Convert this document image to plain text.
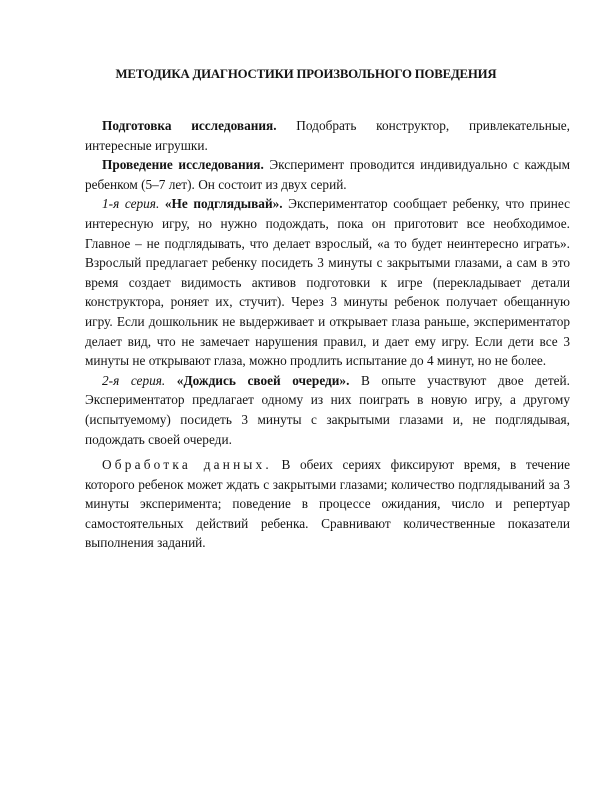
МЕТОДИКА ДИАГНОСТИКИ ПРОИЗВОЛЬНОГО ПОВЕДЕНИЯ

Подготовка исследования. Подобрать конструктор, привлекательные, интересные игрушки.

Проведение исследования. Эксперимент проводится индивидуально с каждым ребенком (5–7 лет). Он состоит из двух серий.

1-я серия. «Не подглядывай». Экспериментатор сообщает ребенку, что принес интересную игру, но нужно подождать, пока он приготовит все необходимое. Главное – не подглядывать, что делает взрослый, «а то будет неинтересно играть». Взрослый предлагает ребенку посидеть 3 минуты с закрытыми глазами, а сам в это время создает видимость активов подготовки к игре (перекладывает детали конструктора, роняет их, стучит). Через 3 минуты ребенок получает обещанную игру. Если дошкольник не выдерживает и открывает глаза раньше, экспериментатор делает вид, что не замечает нарушения правил, и дает ему игру. Если дети все 3 минуты не открывают глаза, можно продлить испытание до 4 минут, но не более.

2-я серия. «Дождись своей очереди». В опыте участвуют двое детей. Экспериментатор предлагает одному из них поиграть в новую игру, а другому (испытуемому) посидеть 3 минуты с закрытыми глазами и, не подглядывая, подождать своей очереди.

Обработка данных. В обеих сериях фиксируют время, в течение которого ребенок может ждать с закрытыми глазами; количество подглядываний за 3 минуты эксперимента; поведение в процессе ожидания, число и репертуар самостоятельных действий ребенка. Сравнивают количественные показатели выполнения заданий.
